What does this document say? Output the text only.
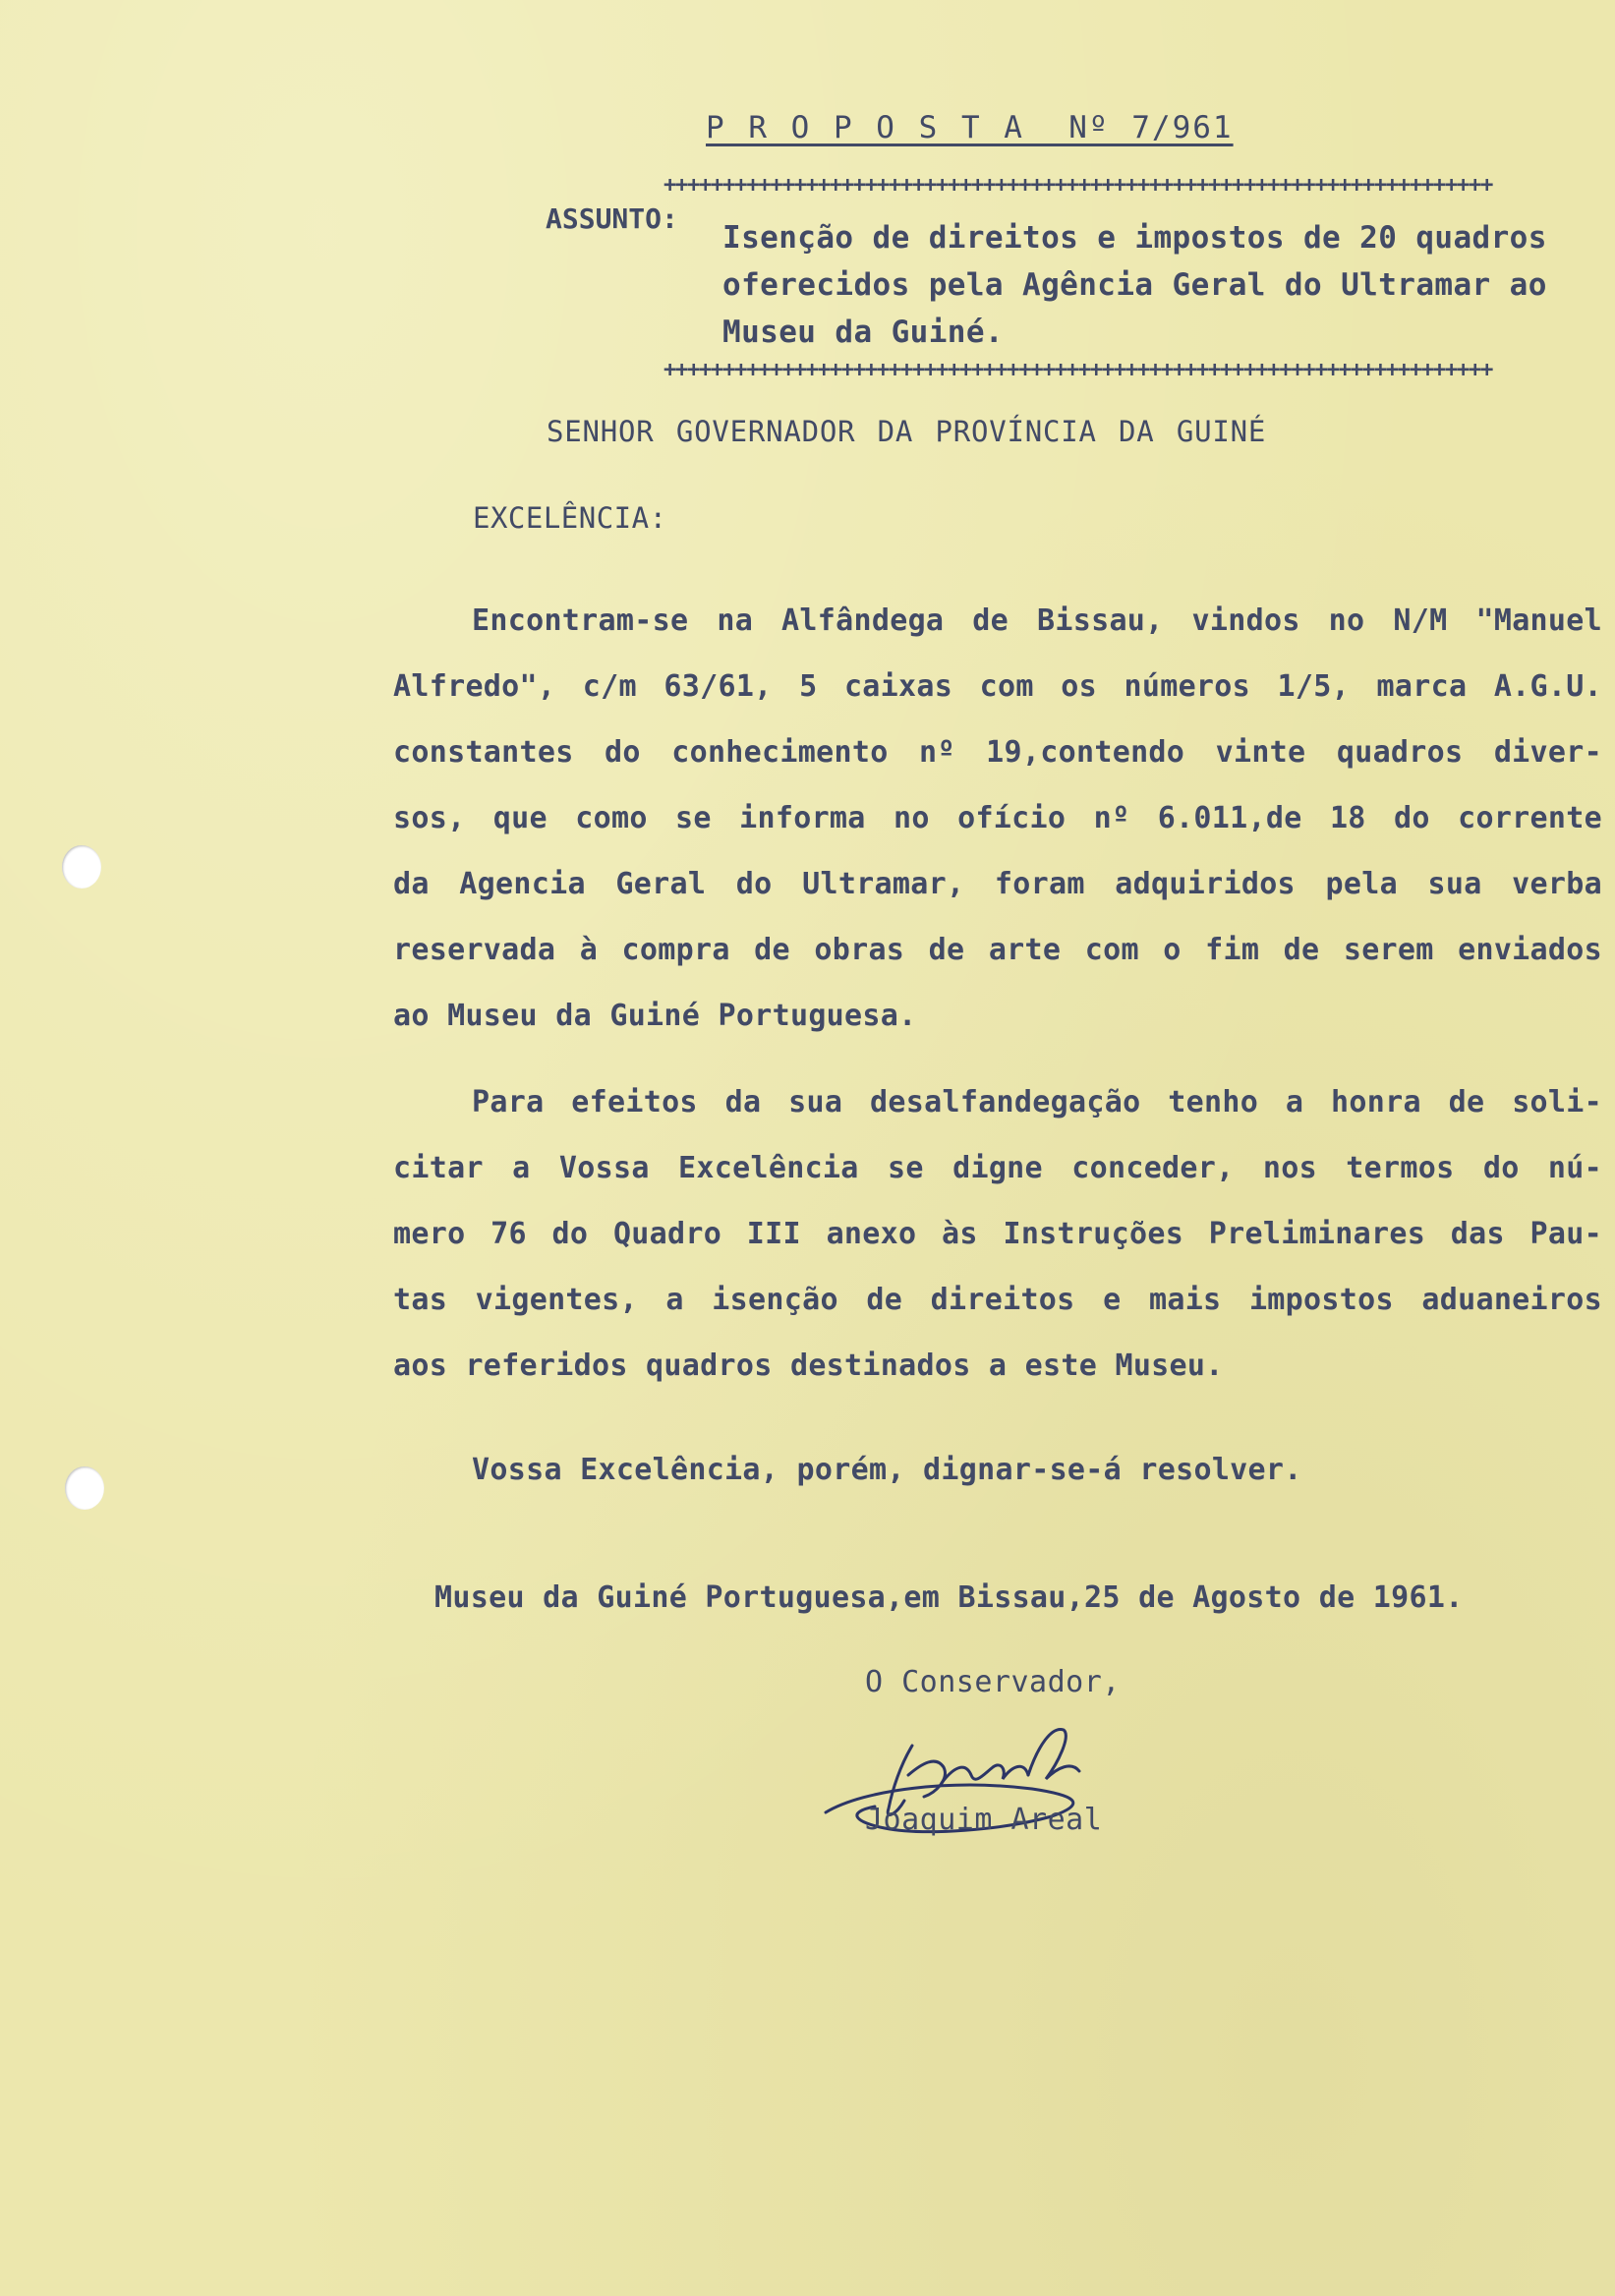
P R O P O S T A  Nº 7/961
++++++++++++++++++++++++++++++++++++++++++++++++++++++++++++++++++++++

ASSUNTO:

Isenção de direitos e impostos de 20 quadros oferecidos pela Agência Geral do Ultramar ao Museu da Guiné.

++++++++++++++++++++++++++++++++++++++++++++++++++++++++++++++++++++++

SENHOR GOVERNADOR DA PROVÍNCIA DA GUINÉ

EXCELÊNCIA:

Encontram-se na Alfândega de Bissau, vindos no N/M "Manuel
Alfredo", c/m 63/61, 5 caixas com os números 1/5, marca A.G.U.
constantes do conhecimento nº 19,contendo vinte quadros diver-
sos, que como se informa no ofício nº 6.011,de 18 do corrente
da Agencia Geral do Ultramar, foram adquiridos pela sua verba
reservada à compra de obras de arte com o fim de serem enviados
ao Museu da Guiné Portuguesa.
Para efeitos da sua desalfandegação tenho a honra de soli-
citar a Vossa Excelência se digne conceder, nos termos do nú-
mero 76 do Quadro III anexo às Instruções Preliminares das Pau-
tas vigentes, a isenção de direitos e mais impostos aduaneiros
aos referidos quadros destinados a este Museu.

Vossa Excelência, porém, dignar-se-á resolver.

Museu da Guiné Portuguesa,em Bissau,25 de Agosto de 1961.

O Conservador,

Joaquim Areal
